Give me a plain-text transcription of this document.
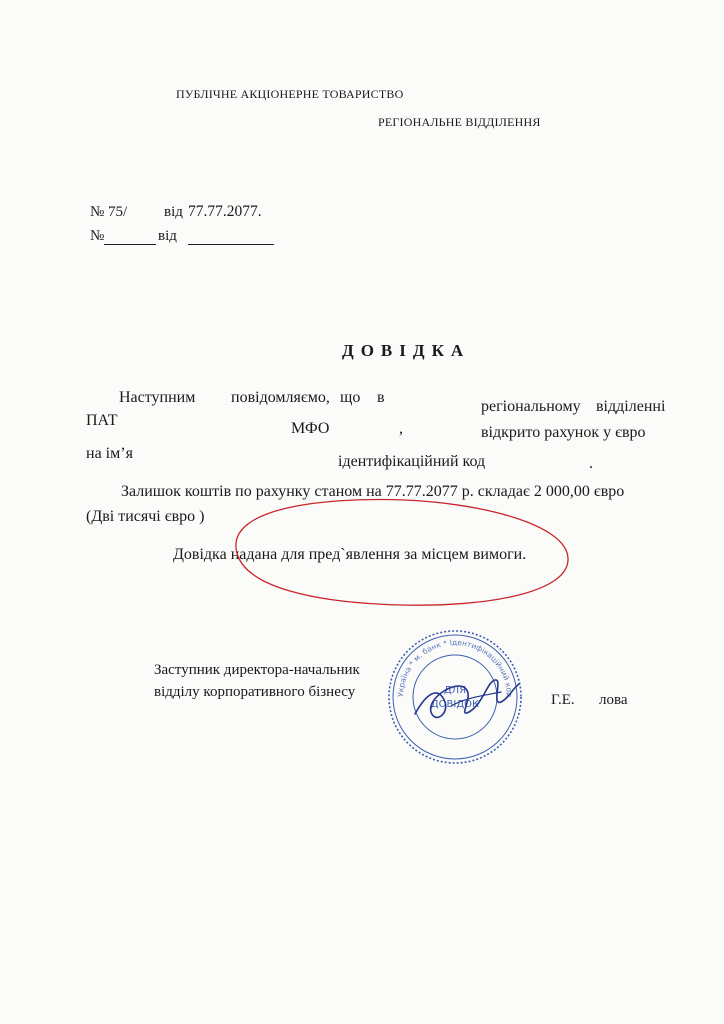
ПУБЛІЧНЕ АКЦІОНЕРНЕ ТОВАРИСТВО
РЕГІОНАЛЬНЕ ВІДДІЛЕННЯ
№ 75/ від 77.77.2077.
№	від
ДОВІДКА
Наступним повідомляємо, що в
регіональному відділенні
ПАТ	МФО	,	відкрито рахунок у євро
на ім’я	ідентифікаційний код	.
Залишок коштів по рахунку станом на 77.77.2077 р. складає 2 000,00 євро
(Дві тисячі євро )
Довідка надана для пред`явлення за місцем вимоги.
Заступник директора-начальник
відділу корпоративного бізнесу	Г.Е. лова
Україна * м. банк * Ідентифікаційний код
ДЛЯ
ДОВІДОК
